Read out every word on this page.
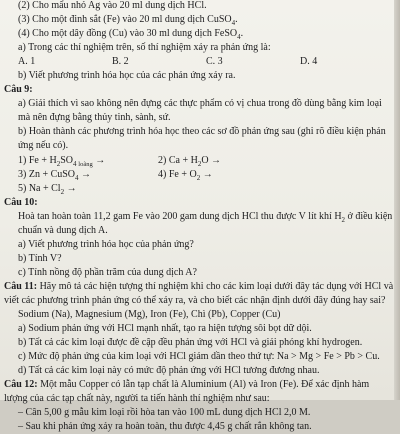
(2) Cho mẩu nhỏ Ag vào 20 ml dung dịch HCl.
(3) Cho một đinh sắt (Fe) vào 20 ml dung dịch CuSO$_4$.
(4) Cho một dây đồng (Cu) vào 30 ml dung dịch FeSO$_4$.
a) Trong các thí nghiệm trên, số thí nghiệm xảy ra phản ứng là:
A. 1	B. 2	C. 3	D. 4
b) Viết phương trình hóa học của các phản ứng xảy ra.
Câu 9:
a) Giải thích vì sao không nên đựng các thực phẩm có vị chua trong đồ dùng bằng kim loại mà nên đựng bằng thủy tinh, sành, sứ.
b) Hoàn thành các phương trình hóa học theo các sơ đồ phản ứng sau (ghi rõ điều kiện phản ứng nếu có).
1) $Fe + H_2SO_{4 loãng}$ →	2) $Ca + H_2O$ →
3) Zn + CuSO$_4$ →	4) $Fe + O_2$ →
5) $Na + Cl_2$ →
Câu 10:
Hoà tan hoàn toàn 11,2 gam Fe vào 200 gam dung dịch HCl thu được V lít khí $H_2$ ở điều kiện chuẩn và dung dịch A.
a) Viết phương trình hóa học của phản ứng?
b) Tính V?
c) Tính nồng độ phần trăm của dung dịch A?
Câu 11: Hãy mô tả các hiện tượng thí nghiệm khi cho các kim loại dưới đây tác dụng với HCl và viết các phương trình phản ứng có thể xảy ra, và cho biết các nhận định dưới đây đúng hay sai?
Sodium (Na), Magnesium (Mg), Iron (Fe), Chì (Pb), Copper (Cu)
a) Sodium phản ứng với HCl mạnh nhất, tạo ra hiện tượng sôi bọt dữ dội.
b) Tất cả các kim loại được đề cập đều phản ứng với HCl và giải phóng khí hydrogen.
c) Mức độ phản ứng của kim loại với HCl giảm dần theo thứ tự: Na > Mg > Fe > Pb > Cu.
d) Tất cả các kim loại này có mức độ phản ứng với HCl tương đương nhau.
Câu 12: Một mẫu Copper có lẫn tạp chất là Aluminium (Al) và Iron (Fe). Để xác định hàm lượng của các tạp chất này, người ta tiến hành thí nghiệm như sau:
– Cân 5,00 g mẫu kim loại rồi hòa tan vào 100 mL dung dịch HCl 2,0 M.
– Sau khi phản ứng xảy ra hoàn toàn, thu được 4,45 g chất rắn không tan.
